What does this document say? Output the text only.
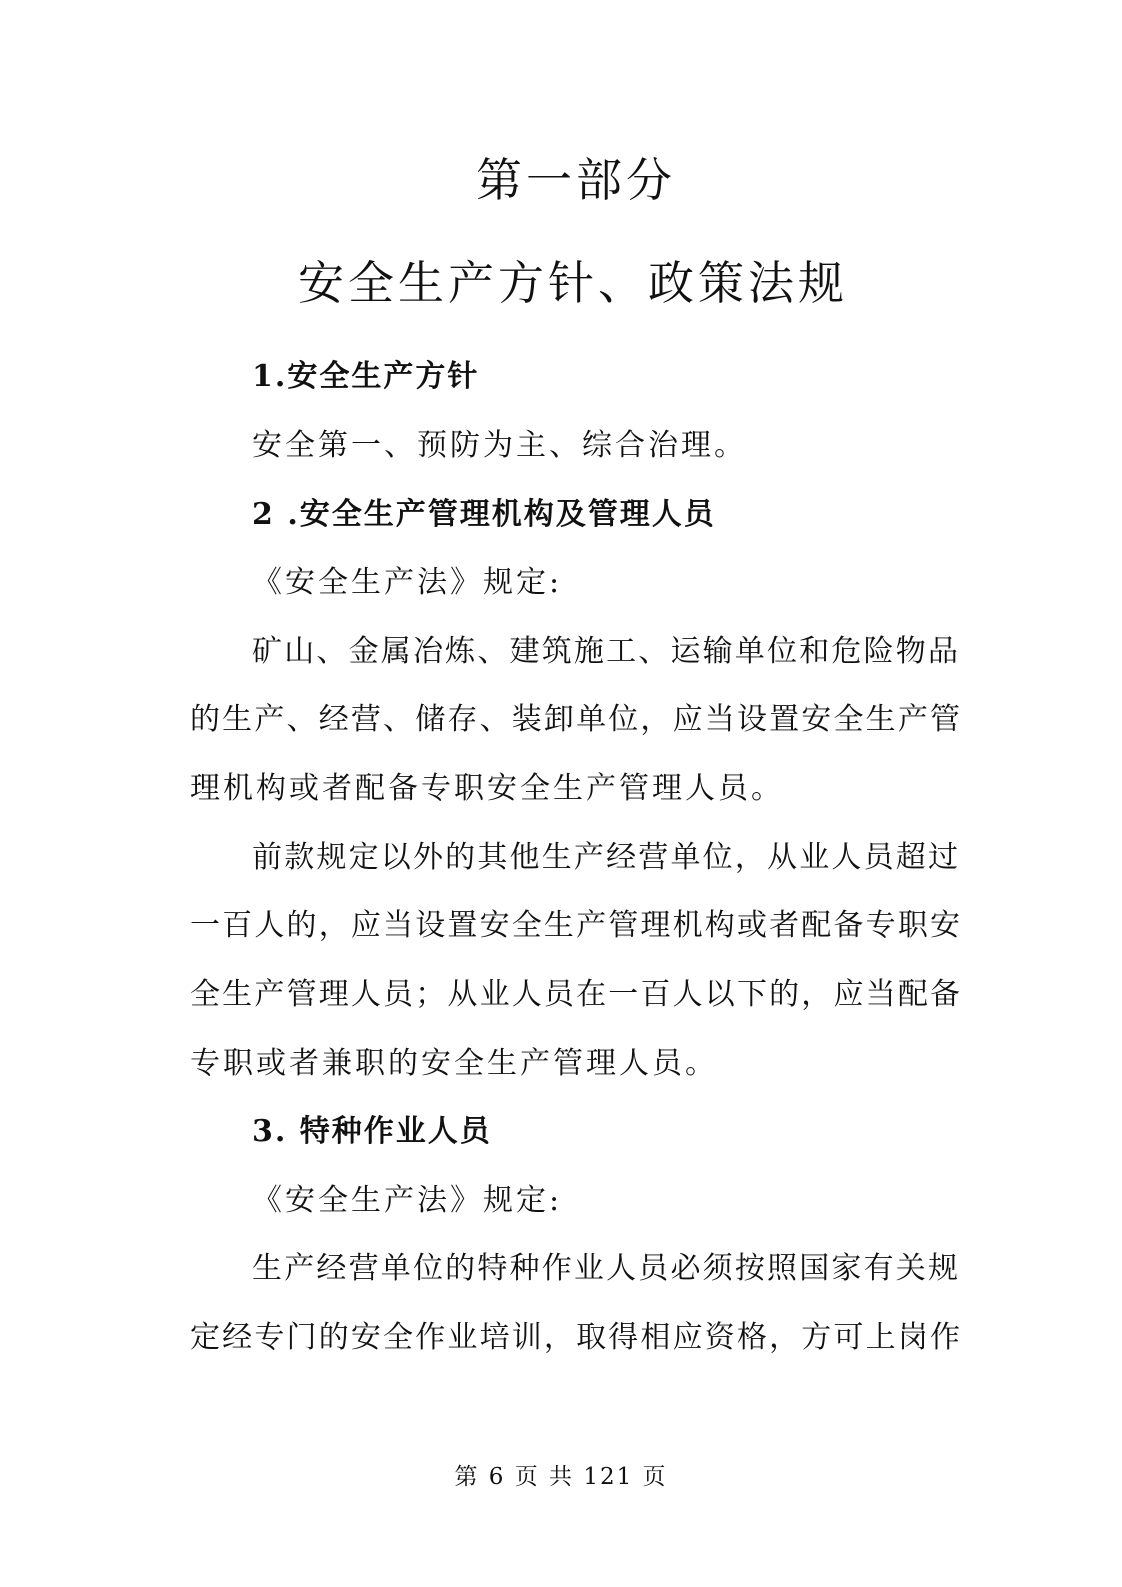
第一部分
安全生产方针、政策法规

1.安全生产方针

安全第一、预防为主、综合治理。

2 .安全生产管理机构及管理人员

《安全生产法》规定:

矿山、金属冶炼、建筑施工、运输单位和危险物品

的生产、经营、储存、装卸单位，应当设置安全生产管

理机构或者配备专职安全生产管理人员。

前款规定以外的其他生产经营单位，从业人员超过

一百人的，应当设置安全生产管理机构或者配备专职安

全生产管理人员；从业人员在一百人以下的，应当配备

专职或者兼职的安全生产管理人员。

3. 特种作业人员

《安全生产法》规定:

生产经营单位的特种作业人员必须按照国家有关规

定经专门的安全作业培训，取得相应资格，方可上岗作

第 6 页 共 121 页
